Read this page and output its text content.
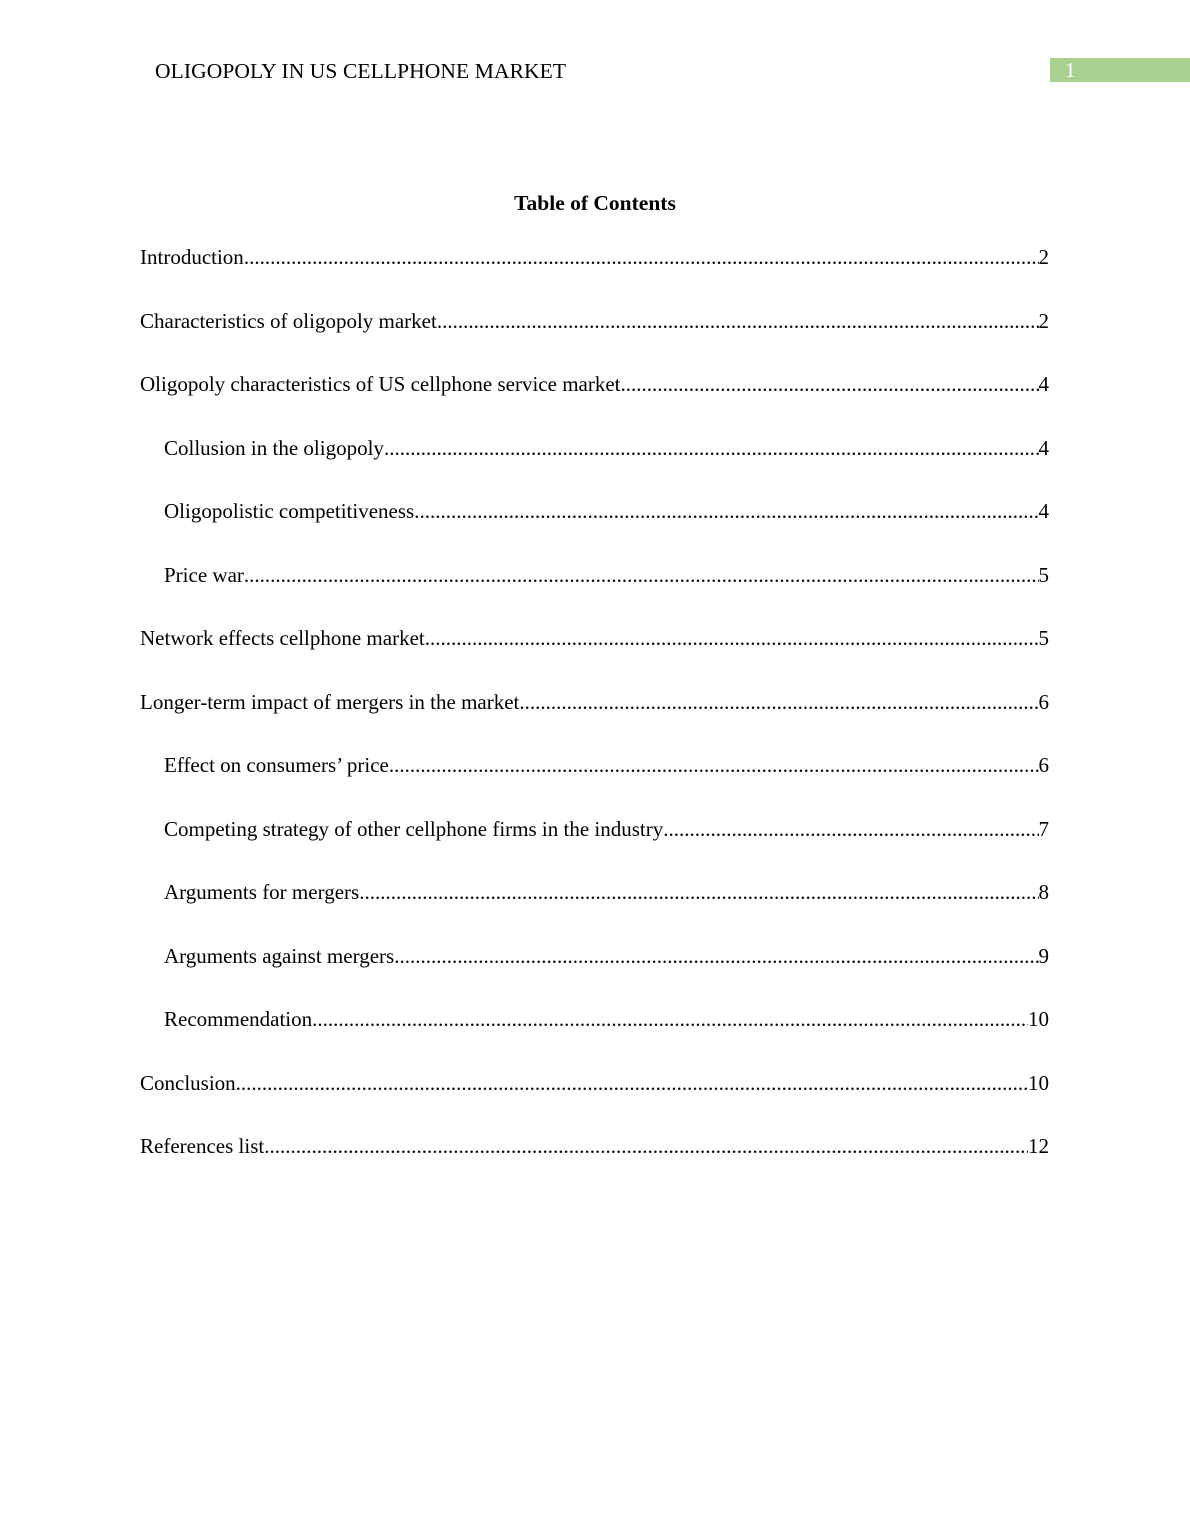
OLIGOPOLY IN US CELLPHONE MARKET	1
Table of Contents
Introduction .....	2
Characteristics of oligopoly market .....	2
Oligopoly characteristics of US cellphone service market .....	4
Collusion in the oligopoly .....	4
Oligopolistic competitiveness .....	4
Price war .....	5
Network effects cellphone market .....	5
Longer-term impact of mergers in the market .....	6
Effect on consumers’ price .....	6
Competing strategy of other cellphone firms in the industry .....	7
Arguments for mergers .....	8
Arguments against mergers .....	9
Recommendation .....	10
Conclusion .....	10
References list .....	12
